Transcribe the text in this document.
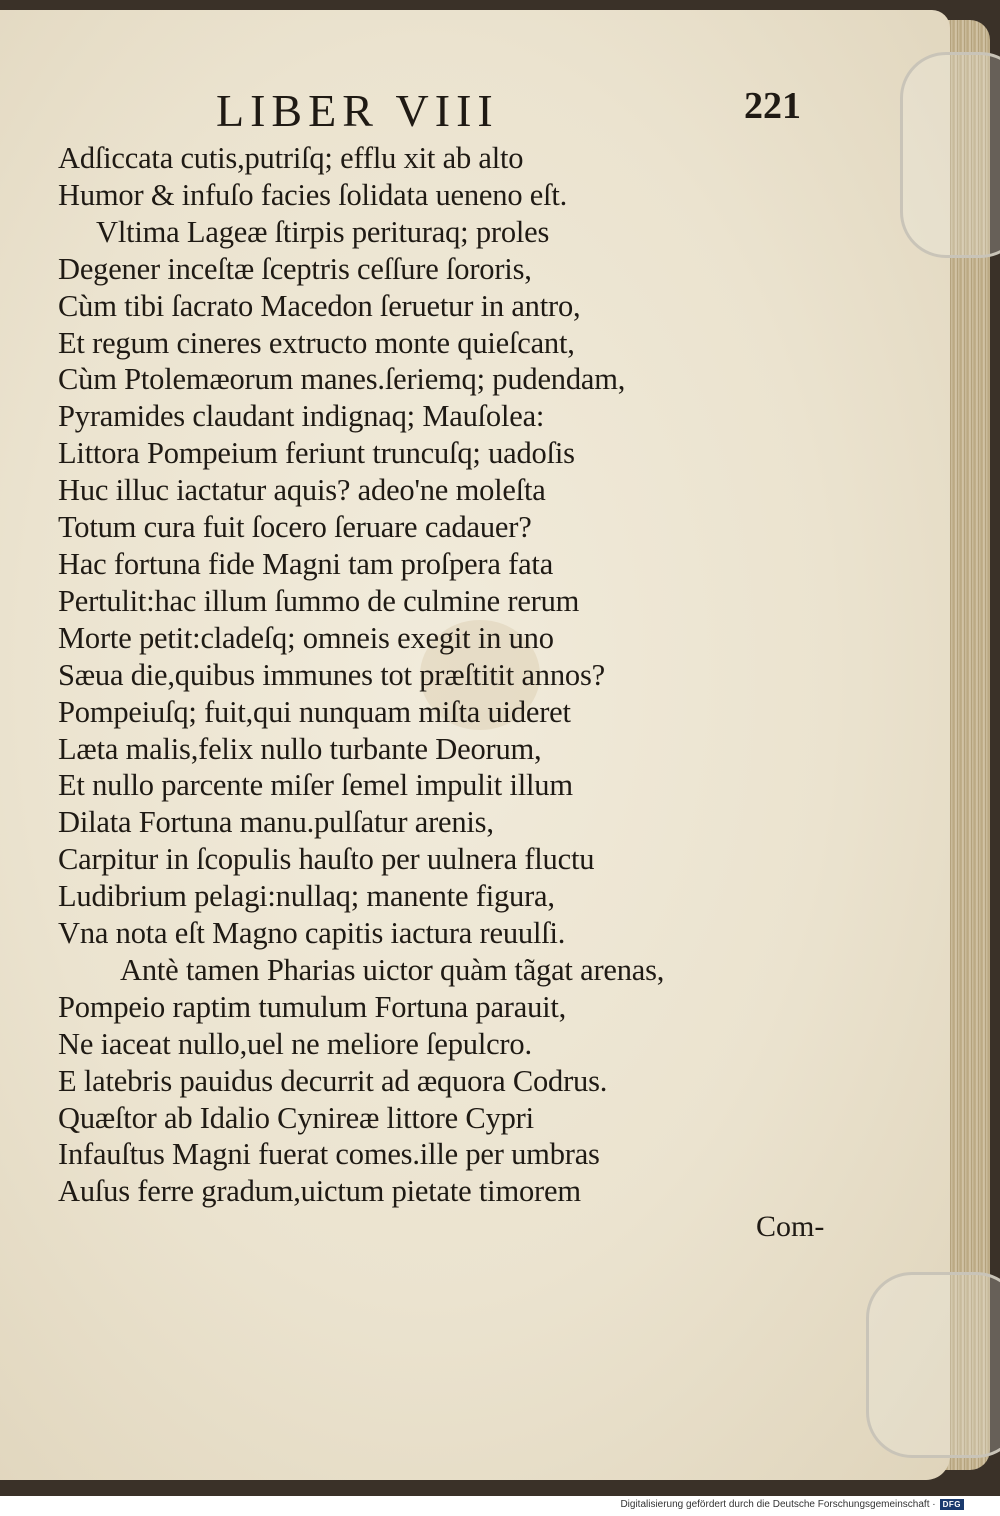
LIBER VIII	221
Adſiccata cutis,putriſq; efflu xit ab alto
Humor & infuſo facies ſolidata ueneno eſt.
Vltima Lageæ ſtirpis perituraq; proles
Degener inceſtæ ſceptris ceſſure ſororis,
Cùm tibi ſacrato Macedon ſeruetur in antro,
Et regum cineres extructo monte quieſcant,
Cùm Ptolemæorum manes.ſeriemq; pudendam,
Pyramides claudant indignaq; Mauſolea:
Littora Pompeium feriunt truncuſq; uadoſis
Huc illuc iactatur aquis? adeo'ne moleſta
Totum cura fuit ſocero ſeruare cadauer?
Hac fortuna fide Magni tam proſpera fata
Pertulit:hac illum ſummo de culmine rerum
Morte petit:cladeſq; omneis exegit in uno
Sæua die,quibus immunes tot præſtitit annos?
Pompeiuſq; fuit,qui nunquam miſta uideret
Læta malis,felix nullo turbante Deorum,
Et nullo parcente miſer ſemel impulit illum
Dilata Fortuna manu.pulſatur arenis,
Carpitur in ſcopulis hauſto per uulnera fluctu
Ludibrium pelagi:nullaq; manente figura,
Vna nota eſt Magno capitis iactura reuulſi.
Antè tamen Pharias uictor quàm tãgat arenas,
Pompeio raptim tumulum Fortuna parauit,
Ne iaceat nullo,uel ne meliore ſepulcro.
E latebris pauidus decurrit ad æquora Codrus.
Quæſtor ab Idalio Cynireæ littore Cypri
Infauſtus Magni fuerat comes.ille per umbras
Auſus ferre gradum,uictum pietate timorem
Com-
Digitalisierung gefördert durch die Deutsche Forschungsgemeinschaft · DFG
